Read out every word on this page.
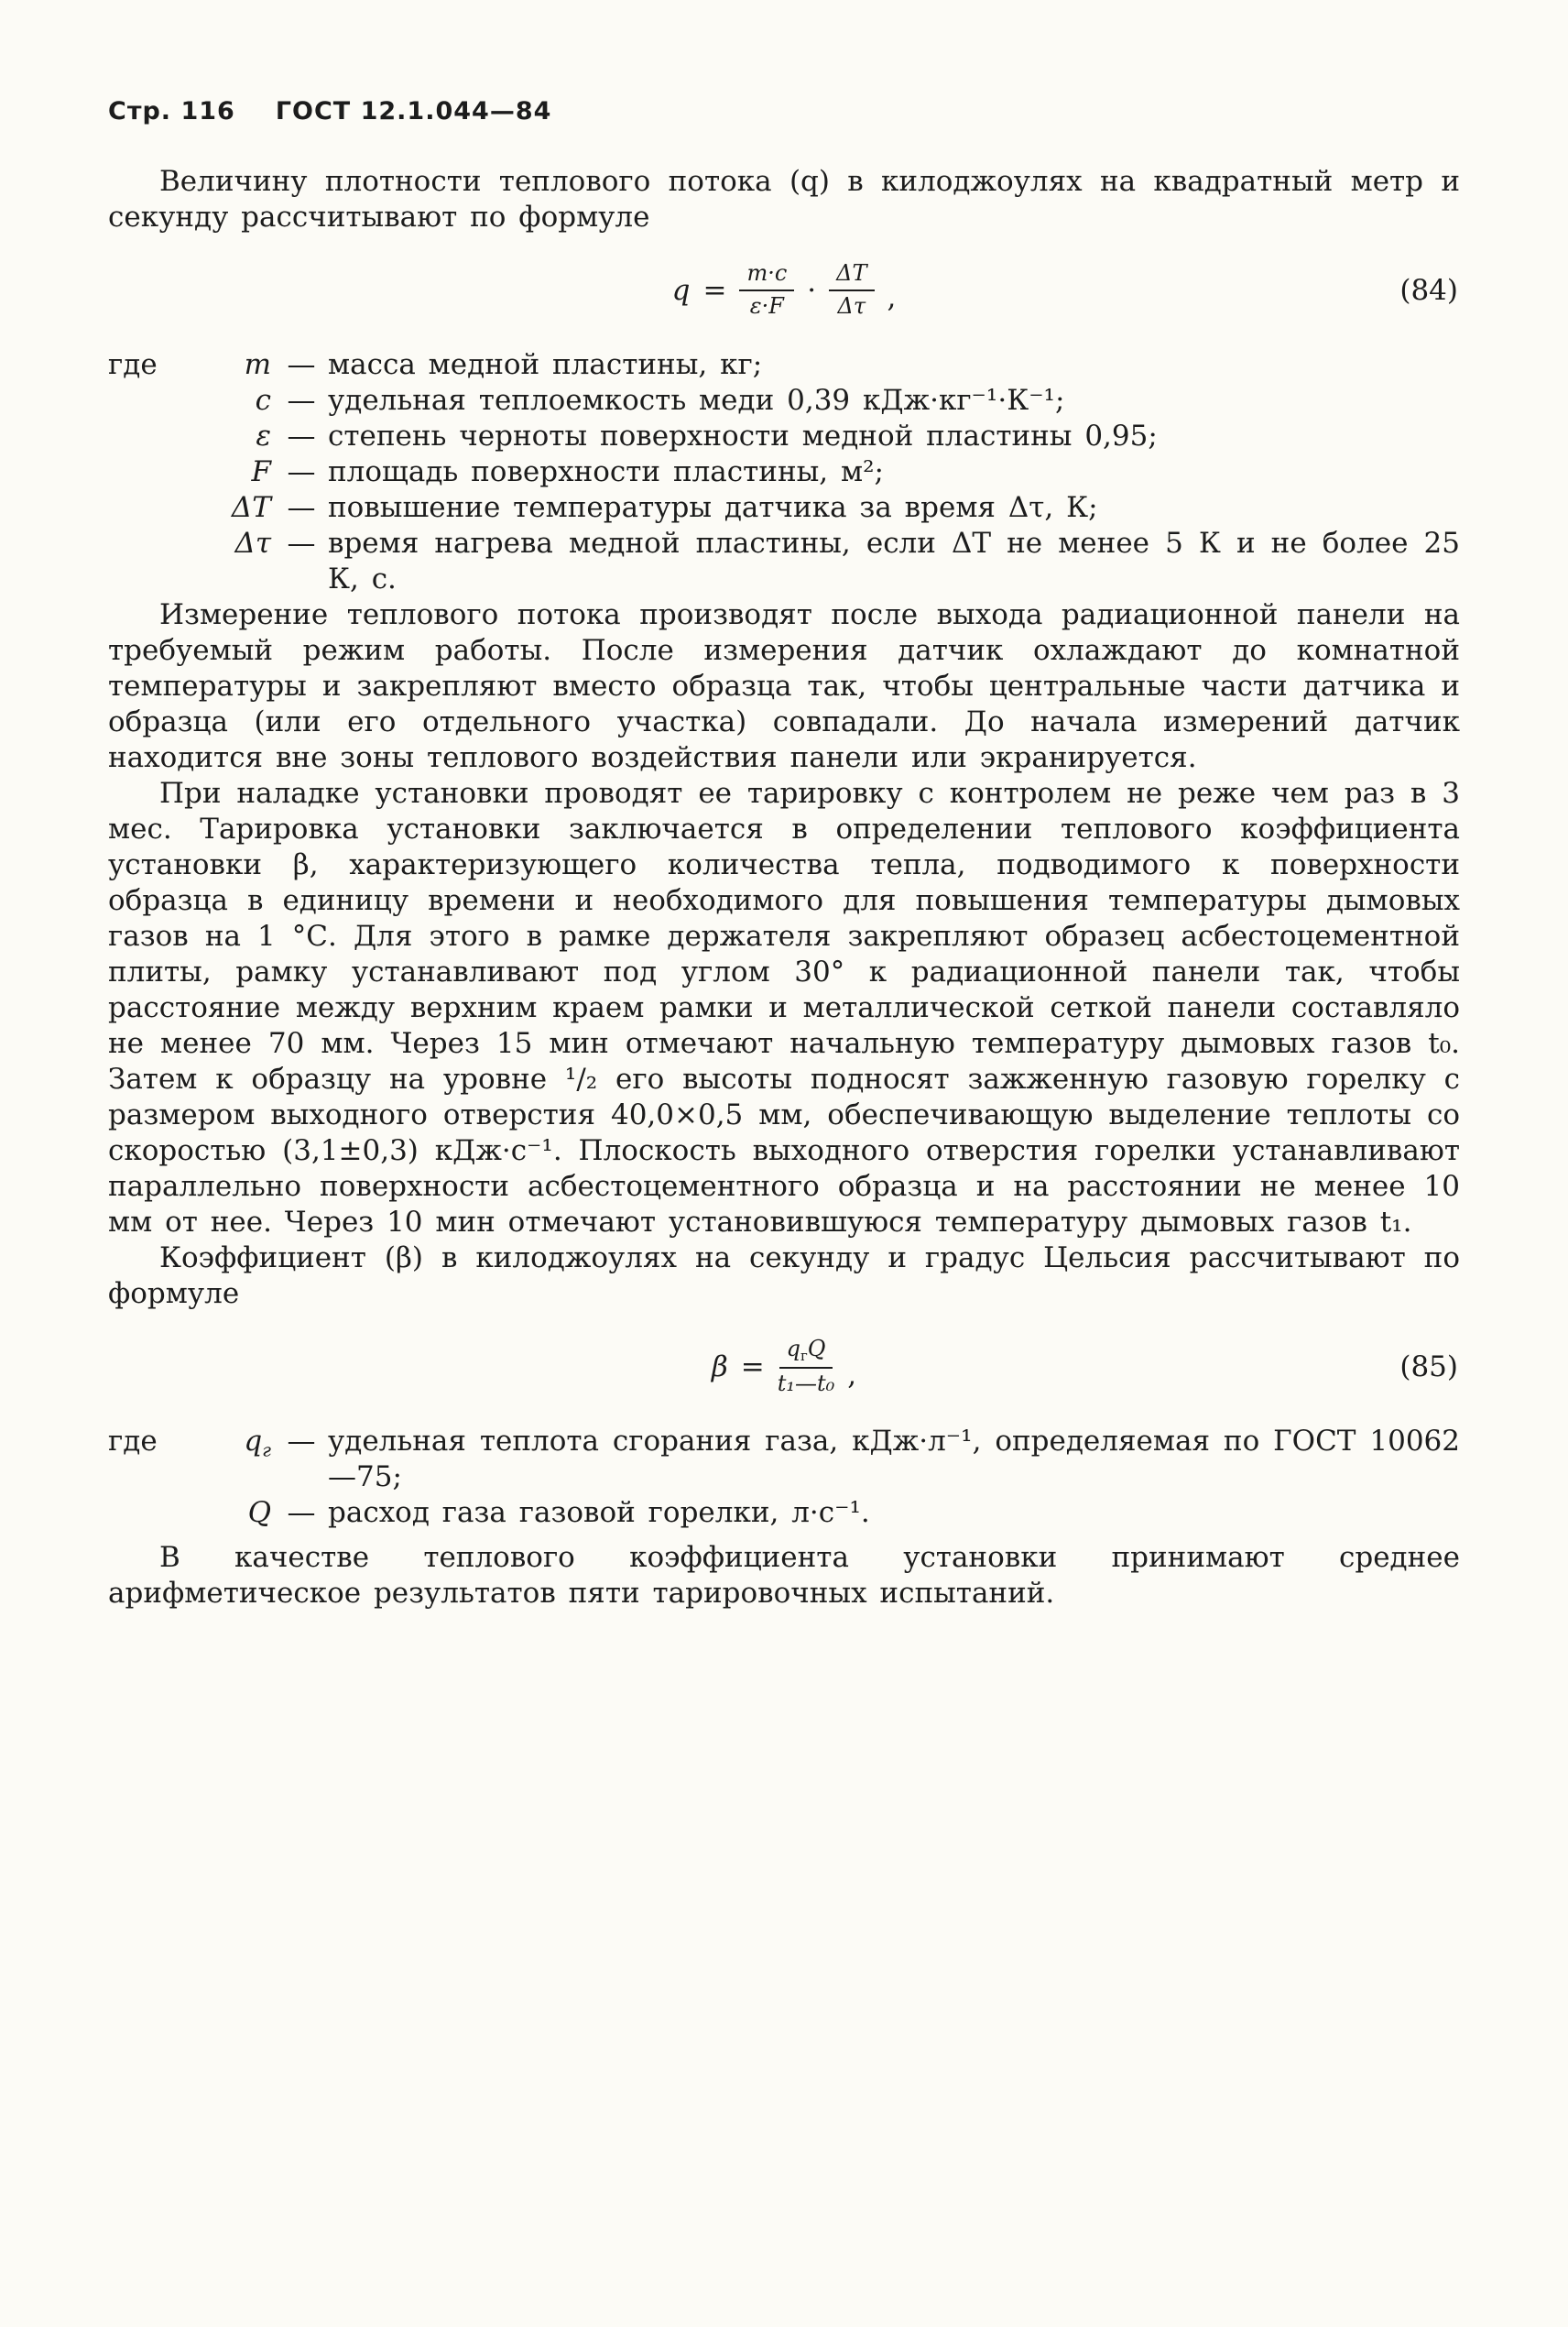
Стр. 116 ГОСТ 12.1.044—84

Величину плотности теплового потока (q) в килоджоулях на квадратный метр и секунду рассчитывают по формуле

$q = \frac{m\cdot c}{\varepsilon\cdot F} \cdot \frac{\Delta T}{\Delta\tau}$ ,	(84)
где	m — масса медной пластины, кг;
c — удельная теплоемкость меди 0,39 кДж·кг⁻¹·К⁻¹;
ε — степень черноты поверхности медной пластины 0,95;
F — площадь поверхности пластины, м²;
ΔT — повышение температуры датчика за время Δτ, К;
Δτ — время нагрева медной пластины, если ΔT не менее 5 К и не более 25 К, с.

Измерение теплового потока производят после выхода радиационной панели на требуемый режим работы. После измерения датчик охлаждают до комнатной температуры и закрепляют вместо образца так, чтобы центральные части датчика и образца (или его отдельного участка) совпадали. До начала измерений датчик находится вне зоны теплового воздействия панели или экранируется.

При наладке установки проводят ее тарировку с контролем не реже чем раз в 3 мес. Тарировка установки заключается в определении теплового коэффициента установки β, характеризующего количества тепла, подводимого к поверхности образца в единицу времени и необходимого для повышения температуры дымовых газов на 1 °С. Для этого в рамке держателя закрепляют образец асбестоцементной плиты, рамку устанавливают под углом 30° к радиационной панели так, чтобы расстояние между верхним краем рамки и металлической сеткой панели составляло не менее 70 мм. Через 15 мин отмечают начальную температуру дымовых газов t₀. Затем к образцу на уровне ¹/₂ его высоты подносят зажженную газовую горелку с размером выходного отверстия 40,0×0,5 мм, обеспечивающую выделение теплоты со скоростью (3,1±0,3) кДж·с⁻¹. Плоскость выходного отверстия горелки устанавливают параллельно поверхности асбестоцементного образца и на расстоянии не менее 10 мм от нее. Через 10 мин отмечают установившуюся температуру дымовых газов t₁.

Коэффициент (β) в килоджоулях на секунду и градус Цельсия рассчитывают по формуле

$\beta = \frac{q_гQ}{\text{t₁—t₀}}$ ,	(85)
где	$q_г$ — удельная теплота сгорания газа, кДж·л⁻¹, определяемая по ГОСТ 10062—75;
Q — расход газа газовой горелки, л·с⁻¹.

В качестве теплового коэффициента установки принимают среднее арифметическое результатов пяти тарировочных испытаний.
